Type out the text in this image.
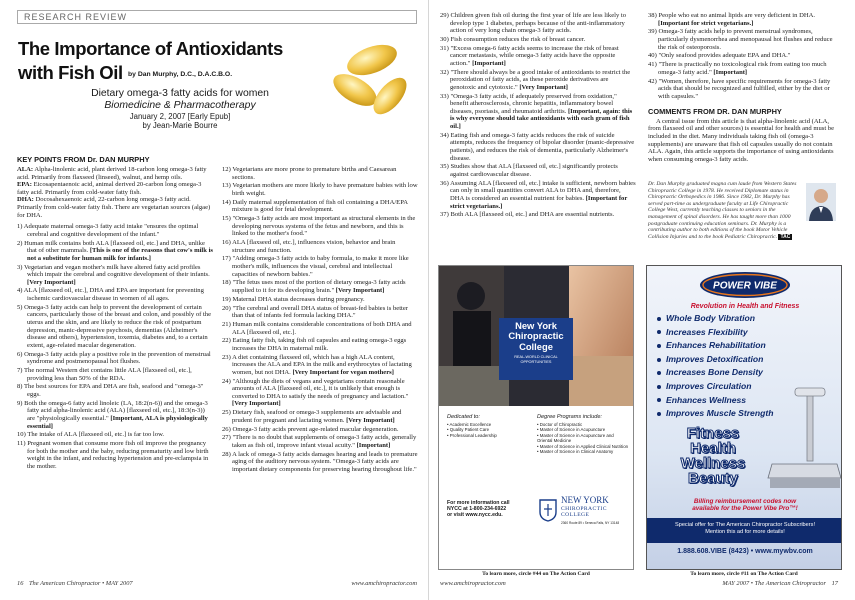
RESEARCH REVIEW
The Importance of Antioxidants
with Fish Oil by Dan Murphy, D.C., D.A.C.B.O.
Dietary omega-3 fatty acids for women
Biomedicine & Pharmacotherapy
January 2, 2007 [Early Epub]
by Jean-Marie Bourre
KEY POINTS FROM Dr. DAN MURPHY

ALA: Alpha-linolenic acid, plant derived 18-carbon long omega-3 fatty acid. Primarily from flaxseed (linseed), walnut, and hemp oils.

EPA: Eicosapentaenoic acid, animal derived 20-carbon long omega-3 fatty acid. Primarily from cold-water fatty fish.

DHA: Docosahexaenoic acid, 22-carbon long omega-3 fatty acid. Primarily from cold-water fatty fish. There are vegetarian sources (algae) for DHA.

1) Adequate maternal omega-3 fatty acid intake "ensures the optimal cerebral and cognitive development of the infant."
2) Human milk contains both ALA [flaxseed oil, etc.] and DHA, unlike that of other mammals. [This is one of the reasons that cow's milk is not a substitute for human milk for infants.]
3) Vegetarian and vegan mother's milk have altered fatty acid profiles which impair the cerebral and cognitive development of their infants. [Very Important]
4) ALA [flaxseed oil, etc.], DHA and EPA are important for preventing ischemic cardiovascular disease in women of all ages.
5) Omega-3 fatty acids can help to prevent the development of certain cancers, particularly those of the breast and colon, and possibly of the uterus and the skin, and are likely to reduce the risk of postpartum depression, manic-depressive psychosis, dementias (Alzheimer's disease and others), hypertension, toxemia, diabetes and, to a certain extent, age-related macular degeneration.
6) Omega-3 fatty acids play a positive role in the prevention of menstrual syndrome and postmenopausal hot flushes.
7) The normal Western diet contains little ALA [flaxseed oil, etc.], providing less than 50% of the RDA.
8) The best sources for EPA and DHA are fish, seafood and "omega-3" eggs.
9) Both the omega-6 fatty acid linoleic (LA, 18:2(n-6)) and the omega-3 fatty acid alpha-linolenic acid (ALA) [flaxseed oil, etc.], 18:3(n-3)) are "physiologically essential." [Important, ALA is physiologically essential]
10) The intake of ALA [flaxseed oil, etc.] is far too low.
11) Pregnant women that consume more fish oil improve the pregnancy for both the mother and the baby, reducing prematurity and low birth weight in the infant, and reducing hypertension and pre-eclampsia in the mother.
12) Vegetarians are more prone to premature births and Caesarean sections.
13) Vegetarian mothers are more likely to have premature babies with low birth weight.
14) Daily maternal supplementation of fish oil containing a DHA/EPA mixture is good for fetal development.
15) "Omega-3 fatty acids are most important as structural elements in the developing nervous systems of the fetus and newborn, and this is linked to the mother's food."
16) ALA [flaxseed oil, etc.], influences vision, behavior and brain structure and function.
17) "Adding omega-3 fatty acids to baby formula, to make it more like mother's milk, influences the visual, cerebral and intellectual capacities of newborn babies."
18) "The fetus uses most of the portion of dietary omega-3 fatty acids supplied to it for its developing brain." [Very Important]
19) Maternal DHA status decreases during pregnancy.
20) "The cerebral and overall DHA status of breast-fed babies is better than that of infants fed formula lacking DHA."
21) Human milk contains considerable concentrations of both DHA and ALA [flaxseed oil, etc.].
22) Eating fatty fish, taking fish oil capsules and eating omega-3 eggs increases the DHA in maternal milk.
23) A diet containing flaxseed oil, which has a high ALA content, increases the ALA and EPA in the milk and erythrocytes of lactating women, but not DHA. [Very Important for vegan mothers]
24) "Although the diets of vegans and vegetarians contain reasonable amounts of ALA [flaxseed oil, etc.], it is unlikely that enough is converted to DHA to satisfy the needs of pregnancy and lactation." [Very Important]
25) Dietary fish, seafood or omega-3 supplements are advisable and prudent for pregnant and lactating women. [Very Important]
26) Omega-3 fatty acids prevent age-related macular degeneration.
27) "There is no doubt that supplements of omega-3 fatty acids, generally taken as fish oil, improve infant visual acuity." [Important]
28) A lack of omega-3 fatty acids damages hearing and leads to premature aging of the auditory nervous system. "Omega-3 fatty acids are important dietary components for preserving hearing throughout life."
16 The American Chiropractor • MAY 2007	www.amchiropractor.com
29) Children given fish oil during the first year of life are less likely to develop type 1 diabetes, perhaps because of the anti-inflammatory action of very long chain omega-3 fatty acids.
30) Fish consumption reduces the risk of breast cancer.
31) "Excess omega-6 fatty acids seems to increase the risk of breast cancer metastasis, while omega-3 fatty acids have the opposite action." [Important]
32) "There should always be a good intake of antioxidants to restrict the peroxidation of fatty acids, as these peroxide derivatives are genotoxic and cytotoxic." [Very Important]
33) "Omega-3 fatty acids, if adequately preserved from oxidation," benefit atherosclerosis, chronic hepatitis, inflammatory bowel diseases, psoriasis, and rheumatoid arthritis. [Important, again: this is why everyone should take antioxidants with each gram of fish oil.]
34) Eating fish and omega-3 fatty acids reduces the risk of suicide attempts, reduces the frequency of bipolar disorder (manic-depressive patients), and reduces the risk of dementia, particularly Alzheimer's disease.
35) Studies show that ALA [flaxseed oil, etc.] significantly protects against cardiovascular disease.
36) Assuming ALA [flaxseed oil, etc.] intake is sufficient, newborn babies can only in small quantities convert ALA to DHA and, therefore, DHA is considered an essential nutrient for babies. [Important for strict vegetarians.]
37) Both ALA [flaxseed oil, etc.] and DHA are essential nutrients.
38) People who eat no animal lipids are very deficient in DHA. [Important for strict vegetarians.]
39) Omega-3 fatty acids help to prevent menstrual syndromes, particularly dysmenorrhea and menopausal hot flushes and reduce the risk of osteoporosis.
40) "Only seafood provides adequate EPA and DHA."
41) "There is practically no toxicological risk from eating too much omega-3 fatty acid." [Important]
42) "Women, therefore, have specific requirements for omega-3 fatty acids that should be recognized and fulfilled, either by the diet or with capsules."
COMMENTS FROM DR. DAN MURPHY

A central issue from this article is that alpha-linolenic acid (ALA, from flaxseed oil and other sources) is essential for health and must be included in the diet. Many individuals taking fish oil (omega-3 supplements) are unaware that fish oil capsules usually do not contain ALA. Again, this article supports the importance of using antioxidants when consuming omega-3 fatty acids.

Dr. Dan Murphy graduated magna cum laude from Western States Chiropractic College in 1978. He received Diplomate status in Chiropractic Orthopedics in 1986. Since 1982, Dr. Murphy has served part-time as undergraduate faculty at Life Chiropractic College West, currently teaching classes to seniors in the management of spinal disorders. He has taught more than 1000 postgraduate continuing education seminars. Dr. Murphy is a contributing author to both editions of the book Motor Vehicle Collision Injuries and to the book Pediatric Chiropractic. TAC

New York
Chiropractic
College
REAL-WORLD CLINICAL OPPORTUNITIES
Dedicated to:
• Academic Excellence
• Quality Patient Care
• Professional Leadership
Degree Programs include:
• Doctor of Chiropractic
• Master of Science in Acupuncture
• Master of Science in Acupuncture and Oriental Medicine
• Master of Science in Applied Clinical Nutrition
• Master of Science in Clinical Anatomy
For more information call
NYCC at 1-800-234-6922
or visit www.nycc.edu.
NEW YORK
CHIROPRACTIC
COLLEGE
2360 Route 89 • Seneca Falls, NY 13148
To learn more, circle #44 on The Action Card
POWER VIBE
Revolution in Health and Fitness
Whole Body Vibration
Increases Flexibility
Enhances Rehabilitation
Improves Detoxification
Increases Bone Density
Improves Circulation
Enhances Wellness
Improves Muscle Strength
Fitness
Health
Wellness
Beauty
Billing reimbursement codes now
available for the Power Vibe Pro™!
Special offer for The American Chiropractor Subscribers!
Mention this ad for more details!
1.888.608.VIBE (8423) • www.mywbv.com
To learn more, circle #11 on The Action Card
www.amchiropractor.com	MAY 2007 • The American Chiropractor 17
